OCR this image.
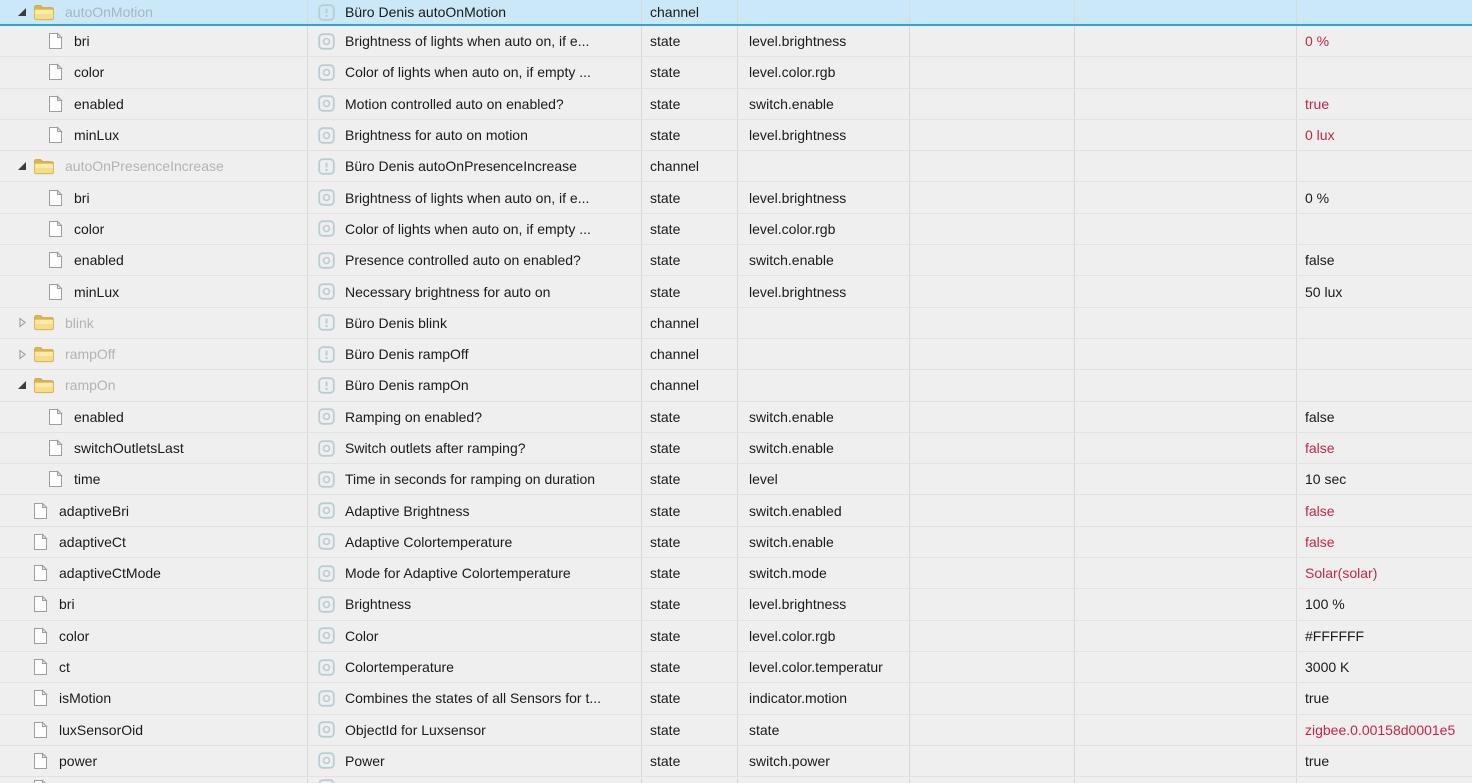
autoOnMotion	Büro Denis autoOnMotion	channel
bri	Brightness of lights when auto on, if e...	state	level.brightness	0 %
color	Color of lights when auto on, if empty ...	state	level.color.rgb
enabled	Motion controlled auto on enabled?	state	switch.enable	true
minLux	Brightness for auto on motion	state	level.brightness	0 lux
autoOnPresenceIncrease	Büro Denis autoOnPresenceIncrease	channel
bri	Brightness of lights when auto on, if e...	state	level.brightness	0 %
color	Color of lights when auto on, if empty ...	state	level.color.rgb
enabled	Presence controlled auto on enabled?	state	switch.enable	false
minLux	Necessary brightness for auto on	state	level.brightness	50 lux
blink	Büro Denis blink	channel
rampOff	Büro Denis rampOff	channel
rampOn	Büro Denis rampOn	channel
enabled	Ramping on enabled?	state	switch.enable	false
switchOutletsLast	Switch outlets after ramping?	state	switch.enable	false
time	Time in seconds for ramping on duration	state	level	10 sec
adaptiveBri	Adaptive Brightness	state	switch.enabled	false
adaptiveCt	Adaptive Colortemperature	state	switch.enable	false
adaptiveCtMode	Mode for Adaptive Colortemperature	state	switch.mode	Solar(solar)
bri	Brightness	state	level.brightness	100 %
color	Color	state	level.color.rgb	#FFFFFF
ct	Colortemperature	state	level.color.temperatur	3000 K
isMotion	Combines the states of all Sensors for t...	state	indicator.motion	true
luxSensorOid	ObjectId for Luxsensor	state	state	zigbee.0.00158d0001e5
power	Power	state	switch.power	true
